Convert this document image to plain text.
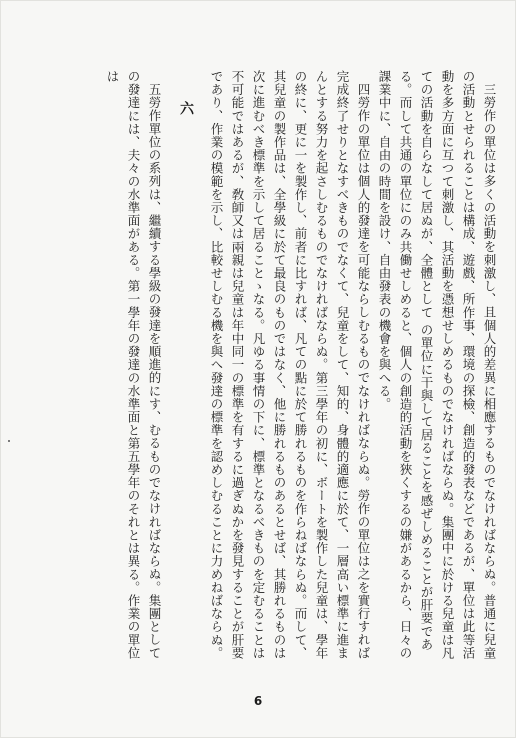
三勞作の單位は多くの活動を刺激し、且個人的差異に相應するものでなければならぬ。普通に兒童の活動とせられることは構成、遊戲、所作事、環境の探檢、創造的發表などであるが、單位は此等活動を多方面に互つて刺激し、其活動を憑想せしめるものでなければならぬ。集團中に於ける兒童は凡ての活動を自らなして居ぬが、全體として の單位に干與して居ることを感ぜしめることが肝要である。而して共通の單位にのみ共働せしめると、個人の創造的活動を狹くするの嫌があるから、日々の課業中に、自由の時間を設け、自由發表の機會を與へる。

四勞作の單位は個人的發達を可能ならしむるものでなければならぬ。勞作の單位は之を實行すれば完成終了せりとなすべきものでなくて、兒童をして、知的、身體的適應に於て、一層高い標準に進まんとする努力を起さしむるものでなければならぬ。第三學年の初に、ボートを製作した兒童は、學年の終に、更に一を製作し、前者に比すれば、凡ての點に於て勝れるものを作らねばならぬ。而して、其兒童の製作品は、全學級に於て最良のものではなく、他に勝れるものあるとせば、其勝れるものは次に進むべき標準を示して居ることゝなる。凡ゆる事情の下に、標準となるべきものを定むることは不可能ではあるが、敎師又は兩親は兒童は年中同一の標準を有するに過ぎぬかを發見することが肝要であり、作業の模範を示し、比較せしむる機を與へ發達の標準を認めしむることに力めねばならぬ。

六

五勞作單位の系列は、繼續する學級の發達を順進的にす、むるものでなければならぬ。集團としての發達には、夫々の水準面がある。第一學年の發達の水準面と第五學年のそれとは異る。作業の單位は

6
